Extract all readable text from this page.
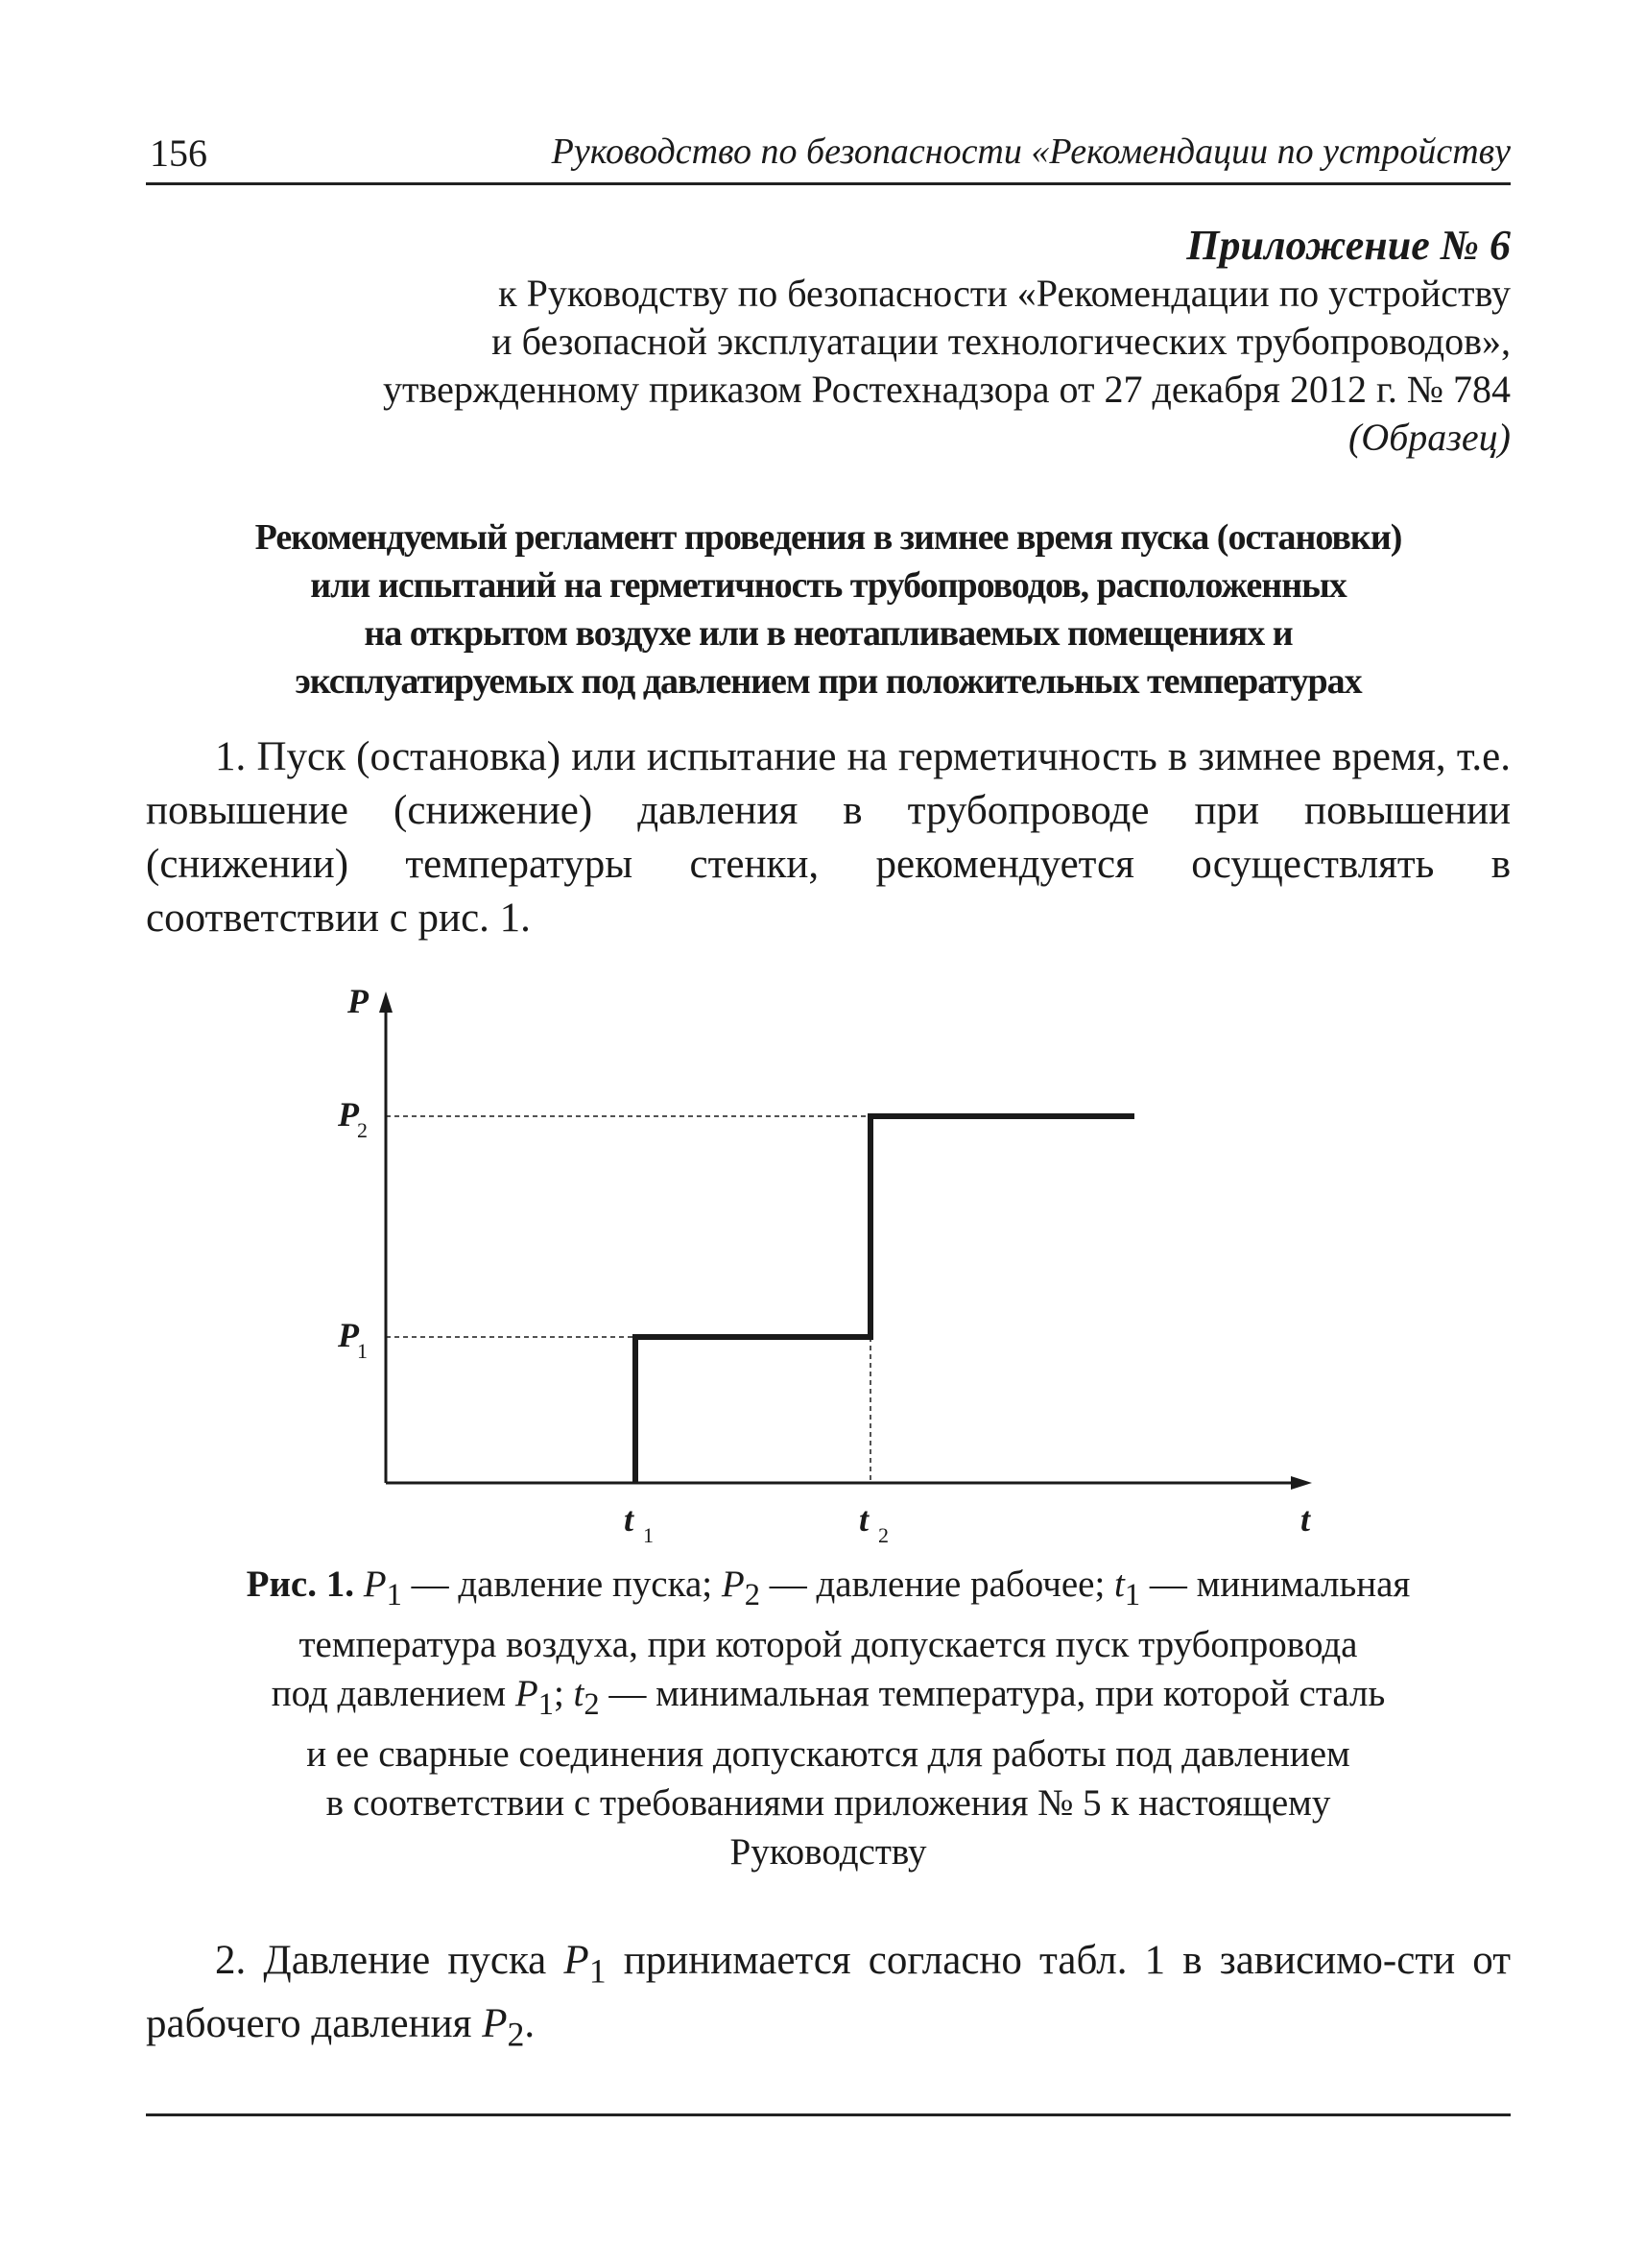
156	Руководство по безопасности «Рекомендации по устройству
Приложение № 6
к Руководству по безопасности «Рекомендации по устройству
и безопасной эксплуатации технологических трубопроводов»,
утвержденному приказом Ростехнадзора от 27 декабря 2012 г. № 784
(Образец)
Рекомендуемый регламент проведения в зимнее время пуска (остановки)
или испытаний на герметичность трубопроводов, расположенных
на открытом воздухе или в неотапливаемых помещениях и
эксплуатируемых под давлением при положительных температурах

1. Пуск (остановка) или испытание на герметичность в зимнее время, т.е. повышение (снижение) давления в трубопроводе при повышении (снижении) температуры стенки, рекомендуется осуществлять в соответствии с рис. 1.

P
P
2
P
1
t 1	t 2	t
Рис. 1. $P_1$ — давление пуска; $P_2$ — давление рабочее; $t_1$ — минимальная
температура воздуха, при которой допускается пуск трубопровода
под давлением $P_1$; $t_2$ — минимальная температура, при которой сталь
и ее сварные соединения допускаются для работы под давлением
в соответствии с требованиями приложения № 5 к настоящему
Руководству

2. Давление пуска $P_1$ принимается согласно табл. 1 в зависимо-сти от рабочего давления $P_2$.
